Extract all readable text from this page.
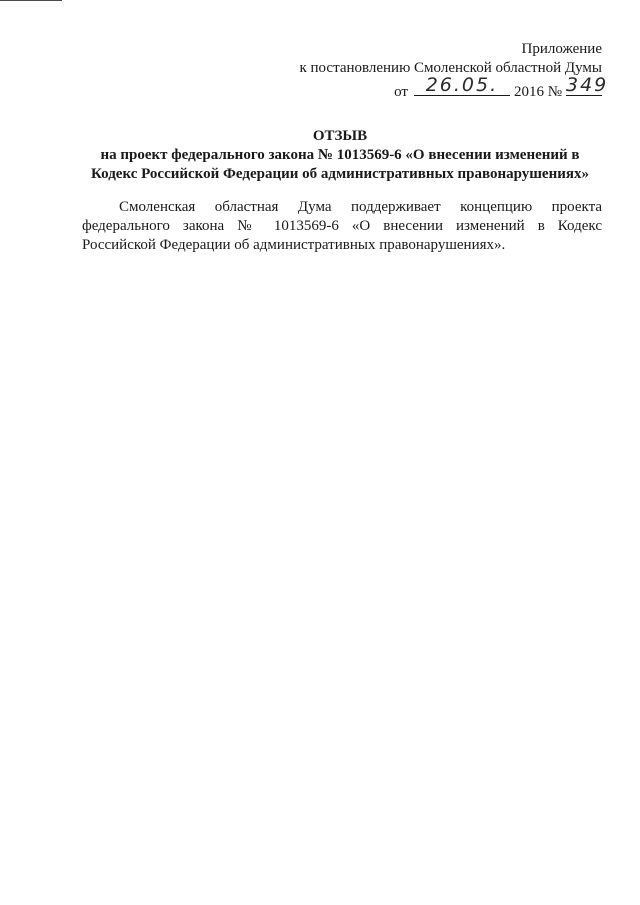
Приложение
к постановлению Смоленской областной Думы
от 26.05.	2016 № 349
ОТЗЫВ
на проект федерального закона № 1013569-6 «О внесении изменений в
Кодекс Российской Федерации об административных правонарушениях»
Смоленская областная Дума поддерживает концепцию проекта
федерального закона № 1013569-6 «О внесении изменений в Кодекс
Российской Федерации об административных правонарушениях».
